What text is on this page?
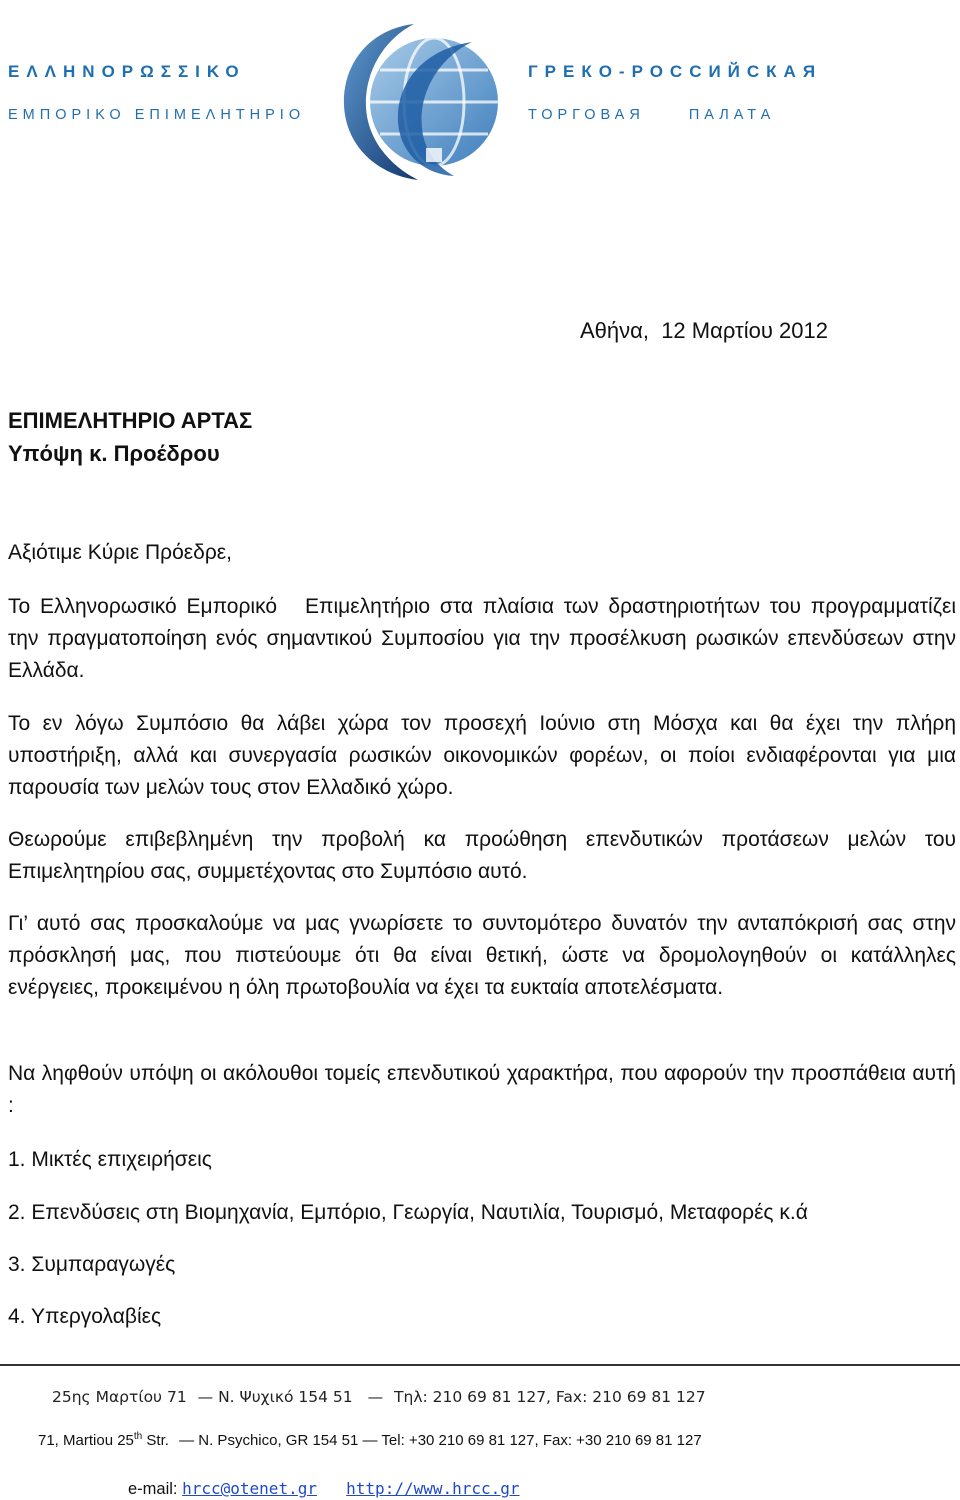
ΕΛΛΗΝΟΡΩΣΣΙΚΟ
ΕΜΠΟΡΙΚΟ ΕΠΙΜΕΛΗΤΗΡΙΟ
ГРЕКО-РОССИЙСКАЯ
ТОРГОВАЯ	ПАЛАТА
Αθήνα,  12 Μαρτίου 2012
ΕΠΙΜΕΛΗΤΗΡΙΟ ΑΡΤΑΣ
Υπόψη κ. Προέδρου
Αξιότιμε Κύριε Πρόεδρε,
Το Ελληνορωσικό Εμπορικό Επιμελητήριο στα πλαίσια των δραστηριοτήτων του προγραμματίζει την πραγματοποίηση ενός σημαντικού Συμποσίου για την προσέλκυση ρωσικών επενδύσεων στην Ελλάδα.
Το εν λόγω Συμπόσιο θα λάβει χώρα τον προσεχή Ιούνιο στη Μόσχα και θα έχει την πλήρη υποστήριξη, αλλά και συνεργασία ρωσικών οικονομικών φορέων, οι ποίοι ενδιαφέρονται για μια παρουσία των μελών τους στον Ελλαδικό χώρο.
Θεωρούμε επιβεβλημένη την προβολή κα προώθηση επενδυτικών προτάσεων μελών του Επιμελητηρίου σας, συμμετέχοντας στο Συμπόσιο αυτό.
Γι’ αυτό σας προσκαλούμε να μας γνωρίσετε το συντομότερο δυνατόν την ανταπόκρισή σας στην πρόσκλησή μας, που πιστεύουμε ότι θα είναι θετική, ώστε να δρομολογηθούν οι κατάλληλες ενέργειες, προκειμένου η όλη πρωτοβουλία να έχει τα ευκταία αποτελέσματα.
Να ληφθούν υπόψη οι ακόλουθοι τομείς επενδυτικού χαρακτήρα, που αφορούν την προσπάθεια αυτή :
1. Μικτές επιχειρήσεις
2. Επενδύσεις στη Βιομηχανία, Εμπόριο, Γεωργία, Ναυτιλία, Τουρισμό, Μεταφορές κ.ά
3. Συμπαραγωγές
4. Υπεργολαβίες
25ης Μαρτίου 71 — Ν. Ψυχικό 154 51 — Τηλ: 210 69 81 127, Fax: 210 69 81 127
71, Martiou 25th Str. — N. Psychico, GR 154 51 — Tel: +30 210 69 81 127, Fax: +30 210 69 81 127
e-mail: hrcc@otenet.gr http://www.hrcc.gr
